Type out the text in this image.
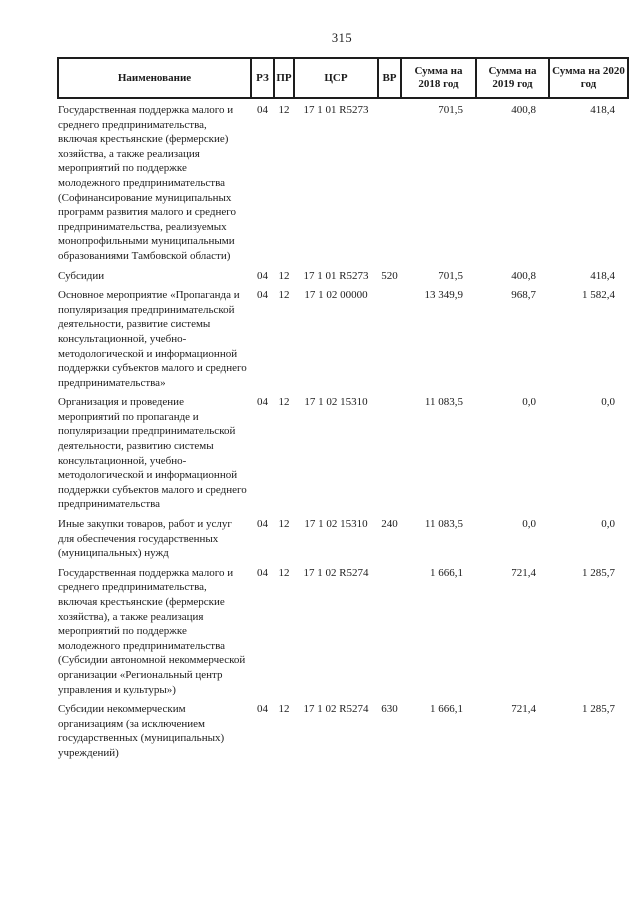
315
Наименование	РЗ	ПР	ЦСР	ВР	Сумма на 2018 год	Сумма на 2019 год	Сумма на 2020 год
Государственная поддержка малого и среднего предпринимательства, включая крестьянские (фермерские) хозяйства, а также реализация мероприятий по поддержке молодежного предпринимательства (Софинансирование муниципальных программ развития малого и среднего предпринимательства, реализуемых монопрофильными муниципальными образованиями Тамбовской области)	04	12	17 1 01 R5273		701,5	400,8	418,4
Субсидии	04	12	17 1 01 R5273	520	701,5	400,8	418,4
Основное мероприятие «Пропаганда и популяризация предпринимательской деятельности, развитие системы консультационной, учебно-методологической и информационной поддержки субъектов малого и среднего предпринимательства»	04	12	17 1 02 00000		13 349,9	968,7	1 582,4
Организация и проведение мероприятий по пропаганде и популяризации предпринимательской деятельности, развитию системы консультационной, учебно-методологической и информационной поддержки субъектов малого и среднего предпринимательства	04	12	17 1 02 15310		11 083,5	0,0	0,0
Иные закупки товаров, работ и услуг для обеспечения государственных (муниципальных) нужд	04	12	17 1 02 15310	240	11 083,5	0,0	0,0
Государственная поддержка малого и среднего предпринимательства, включая крестьянские (фермерские хозяйства), а также реализация мероприятий по поддержке молодежного предпринимательства (Субсидии автономной некоммерческой организации «Региональный центр управления и культуры»)	04	12	17 1 02 R5274		1 666,1	721,4	1 285,7
Субсидии некоммерческим организациям (за исключением государственных (муниципальных) учреждений)	04	12	17 1 02 R5274	630	1 666,1	721,4	1 285,7
